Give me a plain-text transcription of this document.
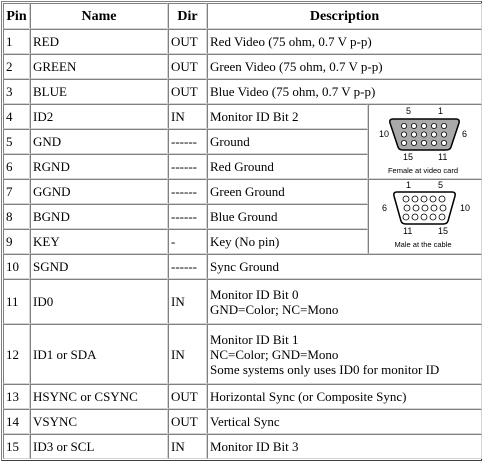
Pin	Name	Dir	Description
1	RED	OUT Red Video (75 ohm, 0.7 V p-p)
2	GREEN	OUT Green Video (75 ohm, 0.7 V p-p)
3	BLUE	OUT Blue Video (75 ohm, 0.7 V p-p)
4	ID2	IN	Monitor ID Bit 2
5	GND	------	Ground
6	RGND	------	Red Ground
7	GGND	------	Green Ground
8	BGND	------	Blue Ground
9	KEY	-	Key (No pin)
10	SGND	------	Sync Ground
11	ID0	IN	Monitor ID Bit 0
GND=Color; NC=Mono
12	ID1 or SDA	IN
Monitor ID Bit 1
NC=Color; GND=Mono
Some systems only uses ID0 for monitor ID
13	HSYNC or CSYNC	OUT Horizontal Sync (or Composite Sync)
14	VSYNC	OUT Vertical Sync
15	ID3 or SCL	IN	Monitor ID Bit 3
5	1
10	6
15	11
Female at video card
1	5
6	10
11	15
Male at the cable
